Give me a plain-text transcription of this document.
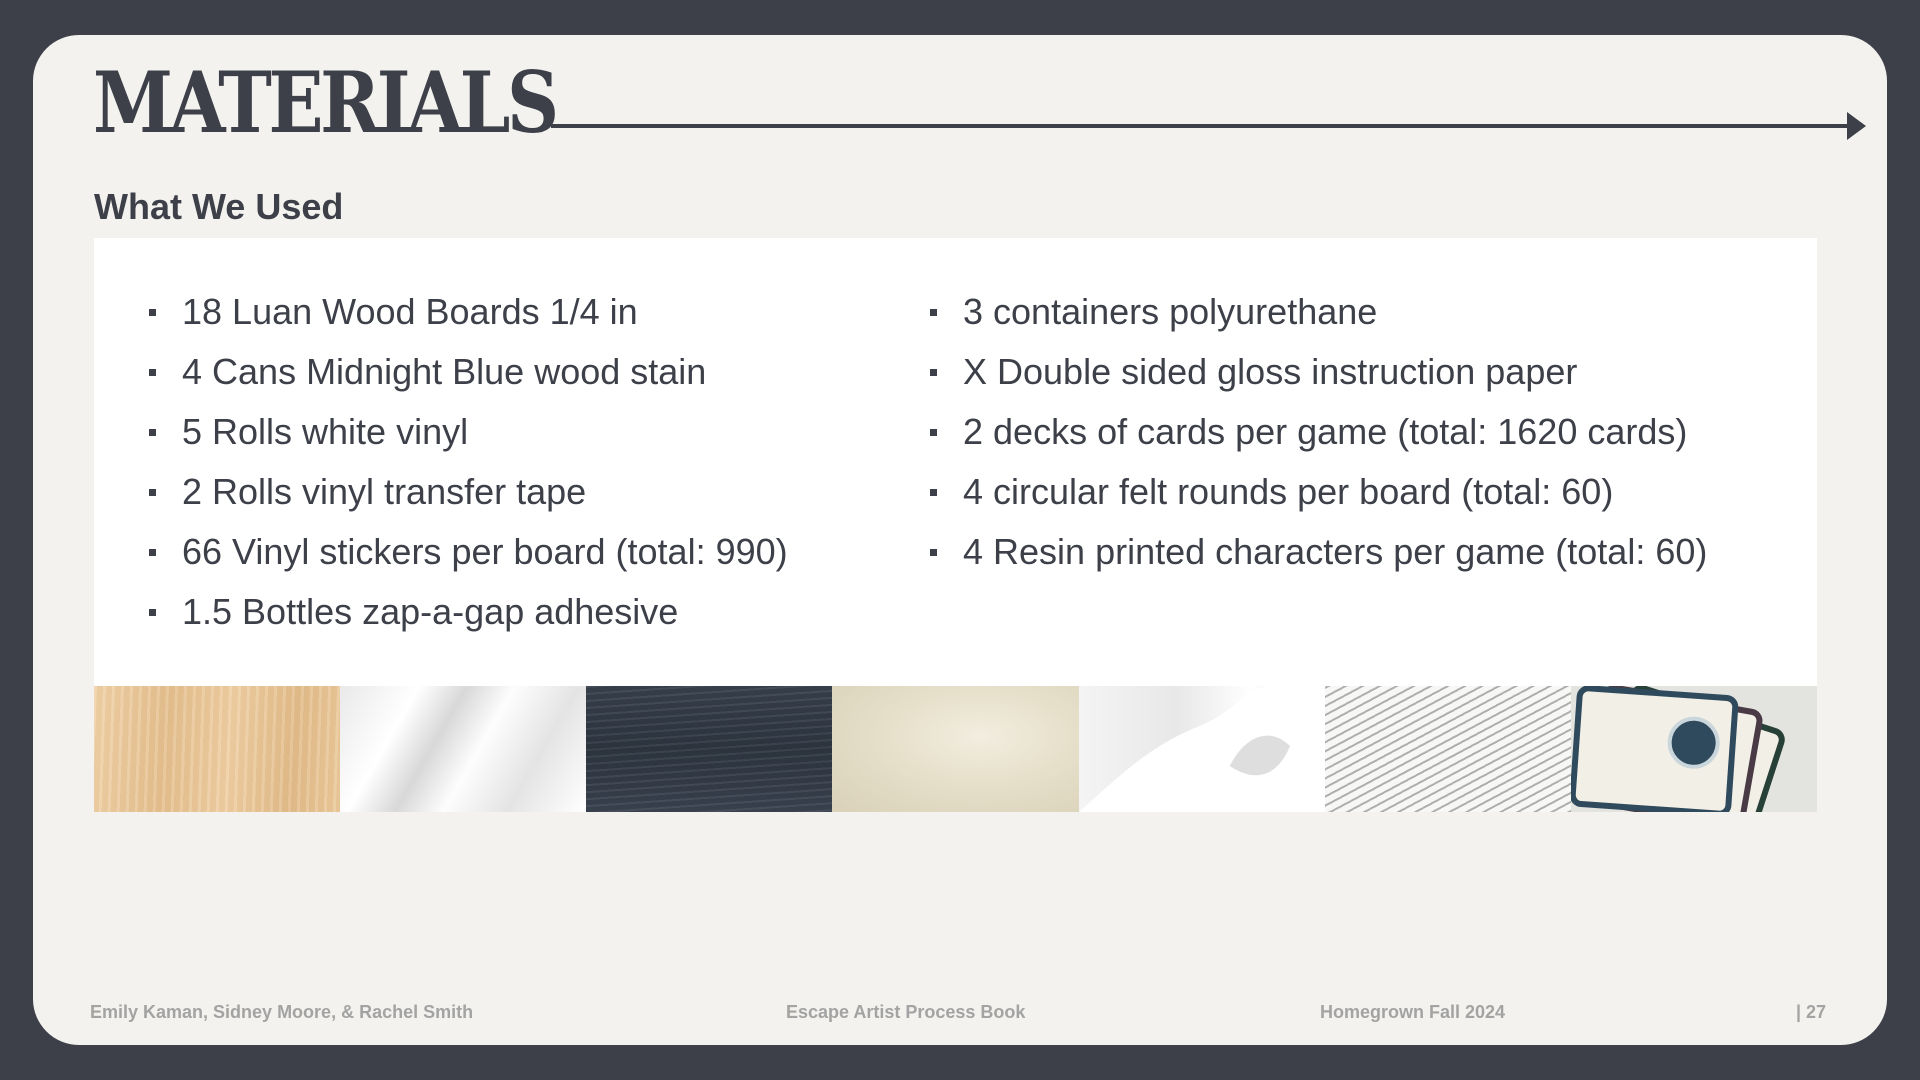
MATERIALS
What We Used
18 Luan Wood Boards 1/4 in
4 Cans Midnight Blue wood stain
5 Rolls white vinyl
2 Rolls vinyl transfer tape
66 Vinyl stickers per board (total: 990)
1.5 Bottles zap-a-gap adhesive
3 containers polyurethane
X Double sided gloss instruction paper
2 decks of cards per game (total: 1620 cards)
4 circular felt rounds per board (total: 60)
4 Resin printed characters per game (total: 60)
Emily Kaman, Sidney Moore, & Rachel Smith	Escape Artist Process Book	Homegrown Fall 2024	| 27
